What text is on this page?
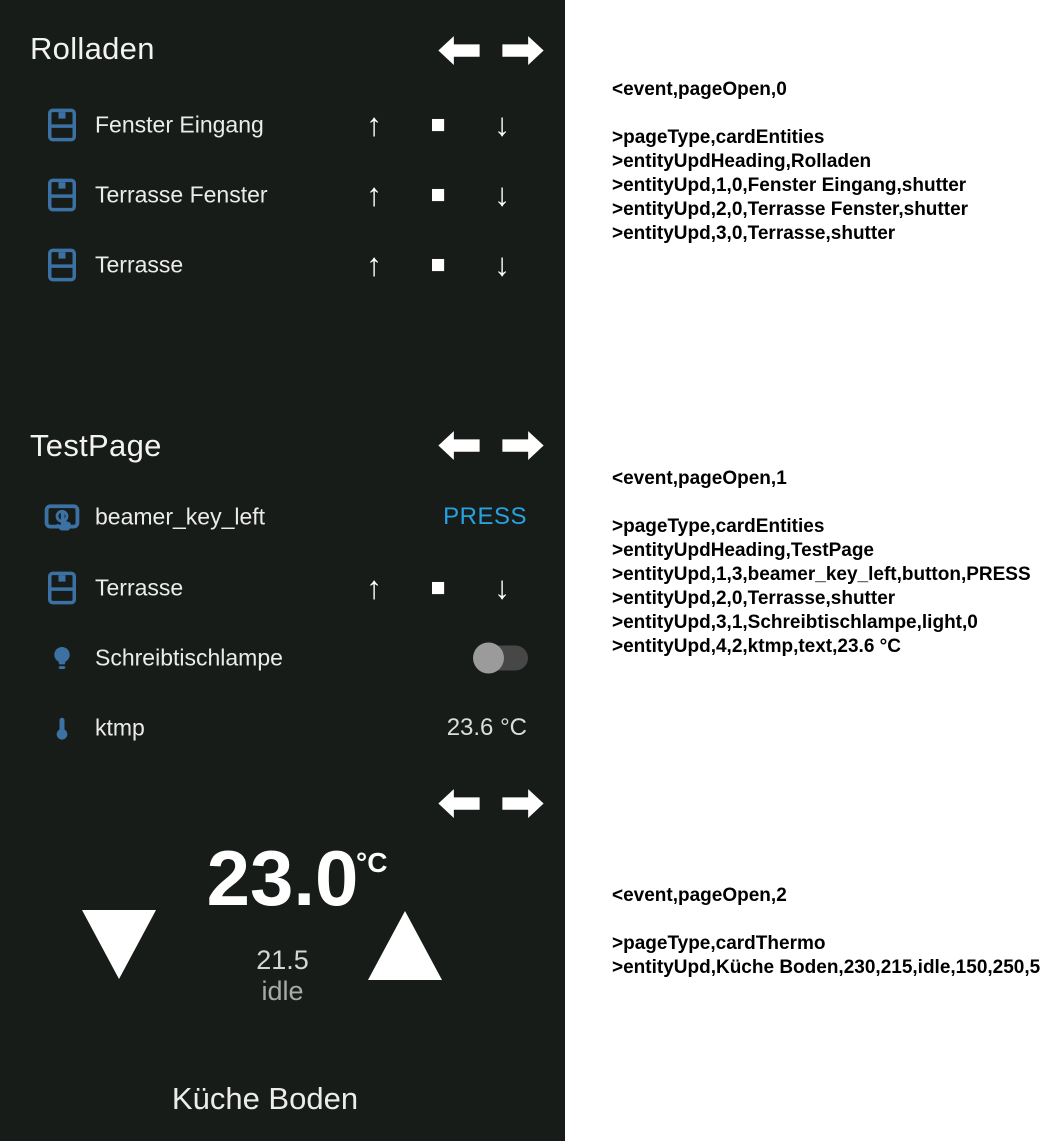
Rolladen
Fenster Eingang	↑	■	↓
Terrasse Fenster	↑	■	↓
Terrasse	↑	■	↓
TestPage
beamer_key_left	PRESS
Terrasse	↑	■	↓
Schreibtischlampe
ktmp	23.6 °C
23.0
°C
21.5
idle
Küche Boden
<event,pageOpen,0
>pageType,cardEntities
>entityUpdHeading,Rolladen
>entityUpd,1,0,Fenster Eingang,shutter
>entityUpd,2,0,Terrasse Fenster,shutter
>entityUpd,3,0,Terrasse,shutter
<event,pageOpen,1
>pageType,cardEntities
>entityUpdHeading,TestPage
>entityUpd,1,3,beamer_key_left,button,PRESS
>entityUpd,2,0,Terrasse,shutter
>entityUpd,3,1,Schreibtischlampe,light,0
>entityUpd,4,2,ktmp,text,23.6 °C
<event,pageOpen,2
>pageType,cardThermo
>entityUpd,Küche Boden,230,215,idle,150,250,5
